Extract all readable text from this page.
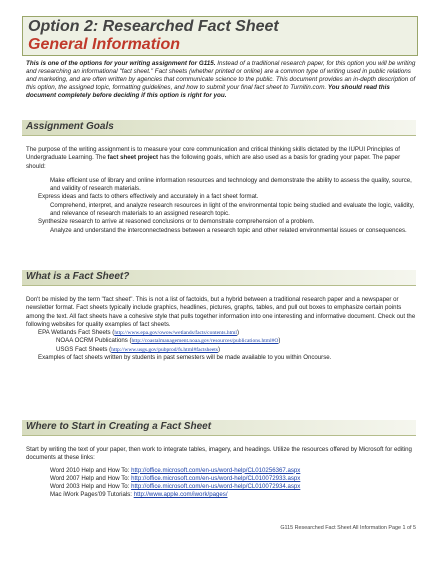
Option 2: Researched Fact Sheet
General Information
This is one of the options for your writing assignment for G115. Instead of a traditional research paper, for this option you will be writing and researching an informational "fact sheet." Fact sheets (whether printed or online) are a common type of writing used in public relations and marketing, and are often written by agencies that communicate science to the public. This document provides an in-depth description of this option, the assigned topic, formatting guidelines, and how to submit your final fact sheet to Turnitin.com. You should read this document completely before deciding if this option is right for you.
Assignment Goals
The purpose of the writing assignment is to measure your core communication and critical thinking skills dictated by the IUPUI Principles of Undergraduate Learning. The fact sheet project has the following goals, which are also used as a basis for grading your paper. The paper should:
Make efficient use of library and online information resources and technology and demonstrate the ability to assess the quality, source, and validity of research materials.
Express ideas and facts to others effectively and accurately in a fact sheet format.
Comprehend, interpret, and analyze research resources in light of the environmental topic being studied and evaluate the logic, validity, and relevance of research materials to an assigned research topic.
Synthesize research to arrive at reasoned conclusions or to demonstrate comprehension of a problem.
Analyze and understand the interconnectedness between a research topic and other related environmental issues or consequences.
What is a Fact Sheet?
Don't be misled by the term "fact sheet". This is not a list of factoids, but a hybrid between a traditional research paper and a newspaper or newsletter format. Fact sheets typically include graphics, headlines, pictures, graphs, tables, and pull out boxes to emphasize certain points among the text. All fact sheets have a cohesive style that pulls together information into one interesting and informative document. Check out the following websites for quality examples of fact sheets.
EPA Wetlands Fact Sheets (http://www.epa.gov/owow/wetlands/facts/contents.html)
NOAA OCRM Publications (http://coastalmanagement.noaa.gov/resources/publications.html#O)
USGS Fact Sheets (http://www.usgs.gov/pubprod/fs.html#factsheets)
Examples of fact sheets written by students in past semesters will be made available to you within Oncourse.
Where to Start in Creating a Fact Sheet
Start by writing the text of your paper, then work to integrate tables, imagery, and headings. Utilize the resources offered by Microsoft for editing documents at these links:
Word 2010 Help and How To: http://office.microsoft.com/en-us/word-help/CL010256367.aspx
Word 2007 Help and How To: http://office.microsoft.com/en-us/word-help/CL010072933.aspx
Word 2003 Help and How To: http://office.microsoft.com/en-us/word-help/CL010072934.aspx
Mac iWork Pages'09 Tutorials: http://www.apple.com/iwork/pages/
G115 Researched Fact Sheet All Information Page 1 of 5
